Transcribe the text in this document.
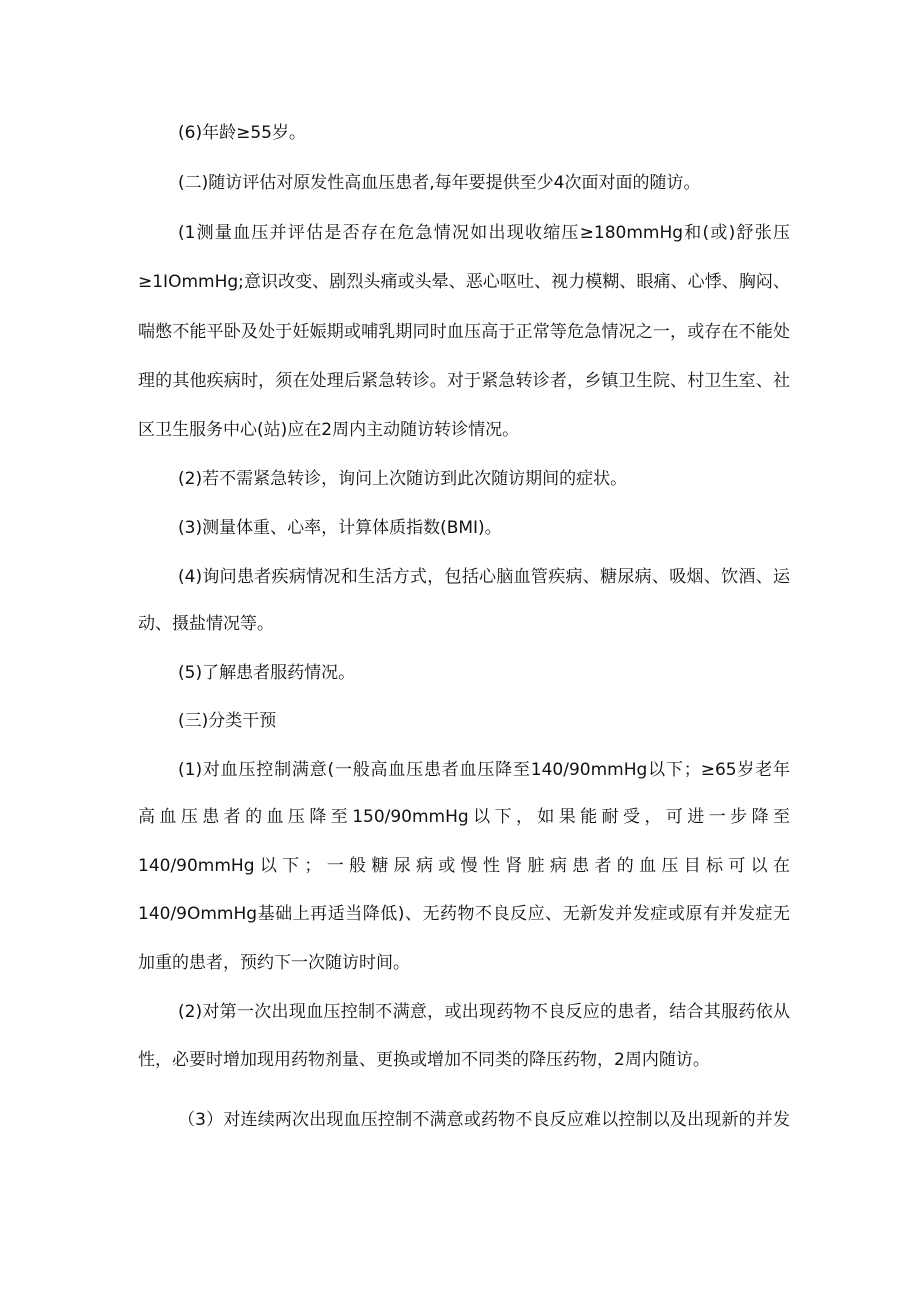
(6)年龄≥55岁。
(二)随访评估对原发性高血压患者,每年要提供至少4次面对面的随访。
(1测量血压并评估是否存在危急情况如出现收缩压≥180mmHg和(或)舒张压
≥1IOmmHg;意识改变、剧烈头痛或头晕、恶心呕吐、视力模糊、眼痛、心悸、胸闷、
喘憋不能平卧及处于妊娠期或哺乳期同时血压高于正常等危急情况之一，或存在不能处
理的其他疾病时，须在处理后紧急转诊。对于紧急转诊者，乡镇卫生院、村卫生室、社
区卫生服务中心(站)应在2周内主动随访转诊情况。
(2)若不需紧急转诊，询问上次随访到此次随访期间的症状。
(3)测量体重、心率，计算体质指数(BMI)。
(4)询问患者疾病情况和生活方式，包括心脑血管疾病、糖尿病、吸烟、饮酒、运
动、摄盐情况等。
(5)了解患者服药情况。
(三)分类干预
(1)对血压控制满意(一般高血压患者血压降至140/90mmHg以下；≥65岁老年
高血压患者的血压降至150/90mmHg以下，如果能耐受，可进一步降至
140/90mmHg以下；一般糖尿病或慢性肾脏病患者的血压目标可以在
140/9OmmHg基础上再适当降低)、无药物不良反应、无新发并发症或原有并发症无
加重的患者，预约下一次随访时间。
(2)对第一次出现血压控制不满意，或出现药物不良反应的患者，结合其服药依从
性，必要时增加现用药物剂量、更换或增加不同类的降压药物，2周内随访。
（3）对连续两次出现血压控制不满意或药物不良反应难以控制以及出现新的并发
